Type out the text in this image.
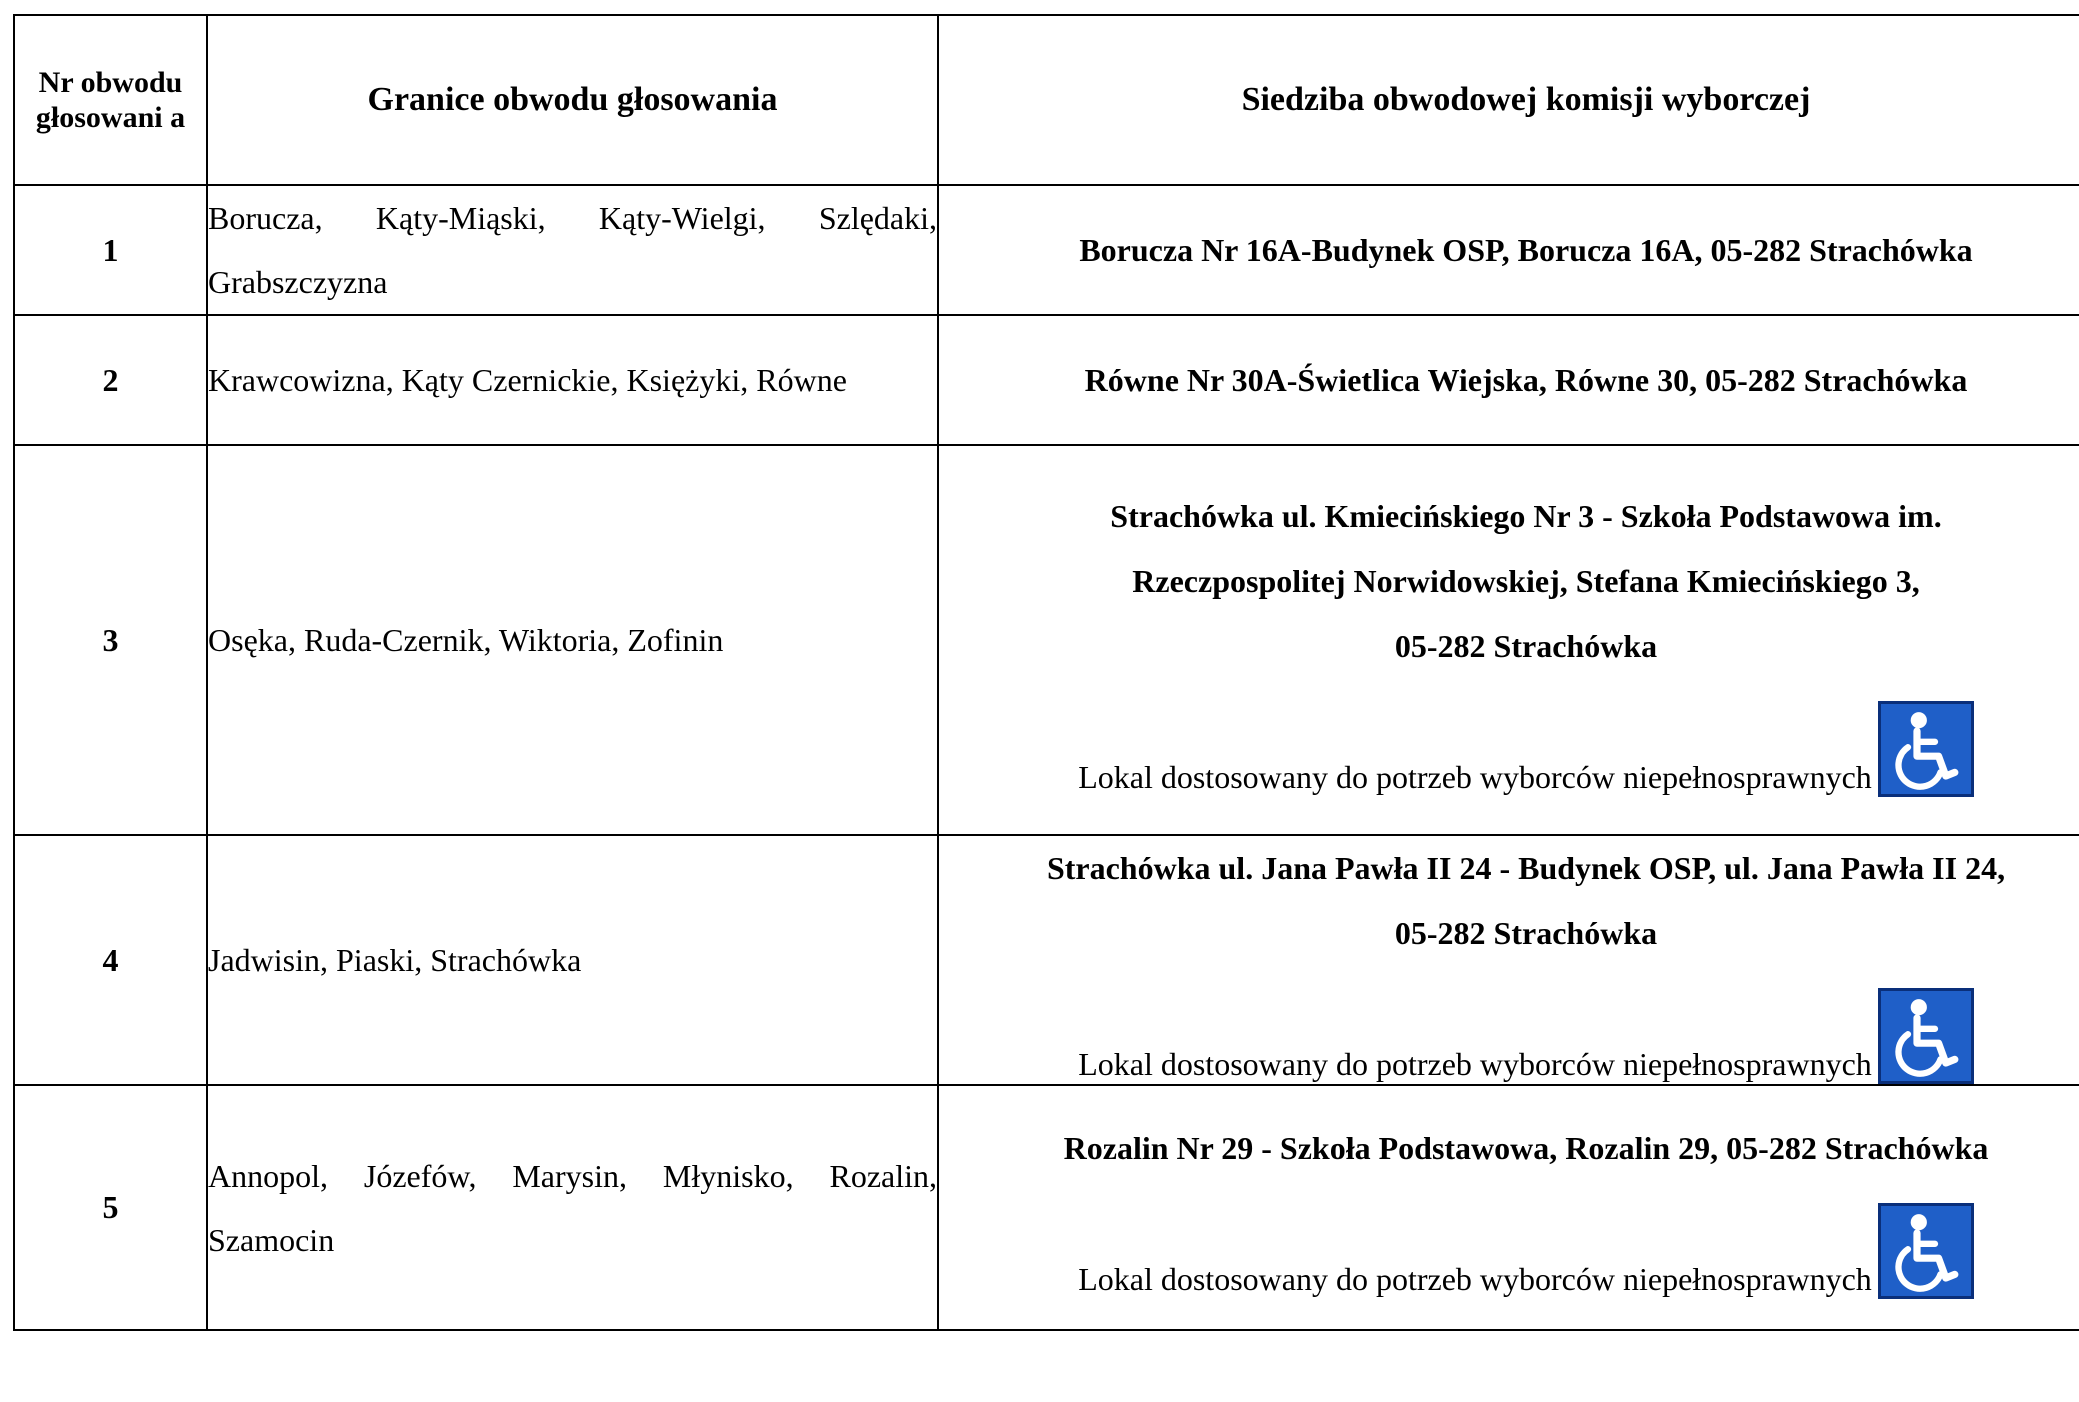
Nr obwodu głosowani a	Granice obwodu głosowania	Siedziba obwodowej komisji wyborczej
1	Borucza, Kąty-Miąski, Kąty-Wielgi, Szlędaki, Grabszczyzna	Borucza Nr 16A-Budynek OSP, Borucza 16A, 05-282 Strachówka

2	Krawcowizna, Kąty Czernickie, Księżyki, Równe	Równe Nr 30A-Świetlica Wiejska, Równe 30, 05-282 Strachówka

3	Osęka, Ruda-Czernik, Wiktoria, Zofinin	Strachówka ul. Kmiecińskiego Nr 3 - Szkoła Podstawowa im.
Rzeczpospolitej Norwidowskiej, Stefana Kmiecińskiego 3,
05-282 Strachówka
Lokal dostosowany do potrzeb wyborców niepełnosprawnych

4	Jadwisin, Piaski, Strachówka	Strachówka ul. Jana Pawła II 24 - Budynek OSP, ul. Jana Pawła II 24,
05-282 Strachówka
Lokal dostosowany do potrzeb wyborców niepełnosprawnych

5	Annopol, Józefów, Marysin, Młynisko, Rozalin, Szamocin	Rozalin Nr 29 - Szkoła Podstawowa, Rozalin 29, 05-282 Strachówka
Lokal dostosowany do potrzeb wyborców niepełnosprawnych
